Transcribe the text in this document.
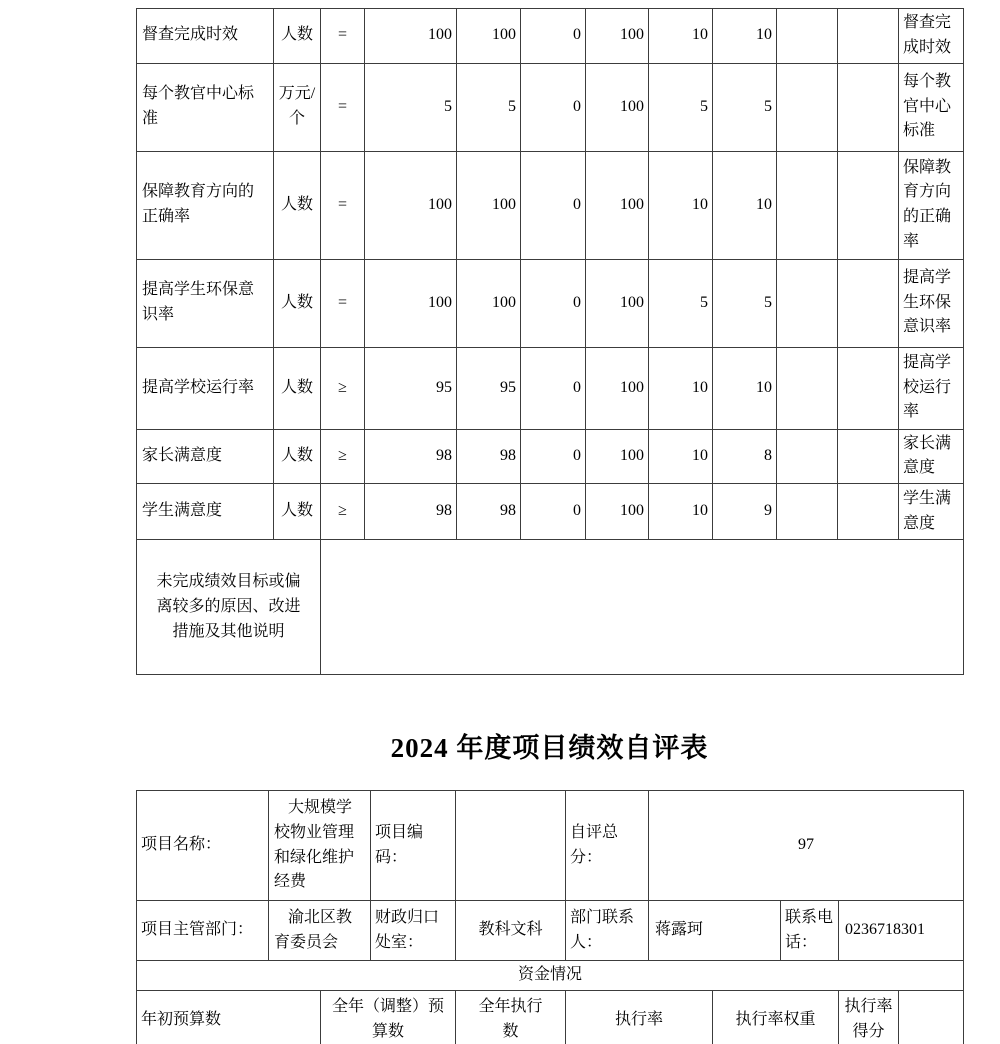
督查完成时效	人数	=	100	100	0	100	10	10			督查完成时效
每个教官中心标准	万元/个	=	5	5	0	100	5	5			每个教官中心标准
保障教育方向的正确率	人数	=	100	100	0	100	10	10			保障教育方向的正确率
提高学生环保意识率	人数	=	100	100	0	100	5	5			提高学生环保意识率
提高学校运行率	人数	≥	95	95	0	100	10	10			提高学校运行率
家长满意度	人数	≥	98	98	0	100	10	8			家长满意度
学生满意度	人数	≥	98	98	0	100	10	9			学生满意度
未完成绩效目标或偏离较多的原因、改进措施及其他说明											
2024 年度项目绩效自评表
项目名称：	大规模学校物业管理和绿化维护经费		项目编码：		自评总分：	97				
项目主管部门：	渝北区教育委员会		财政归口处室：	教科文科	部门联系人：	蒋露珂		联系电话：	0236718301	
资金情况										
年初预算数		全年（调整）预算数		全年执行数	执行率		执行率权重		执行率得分	
